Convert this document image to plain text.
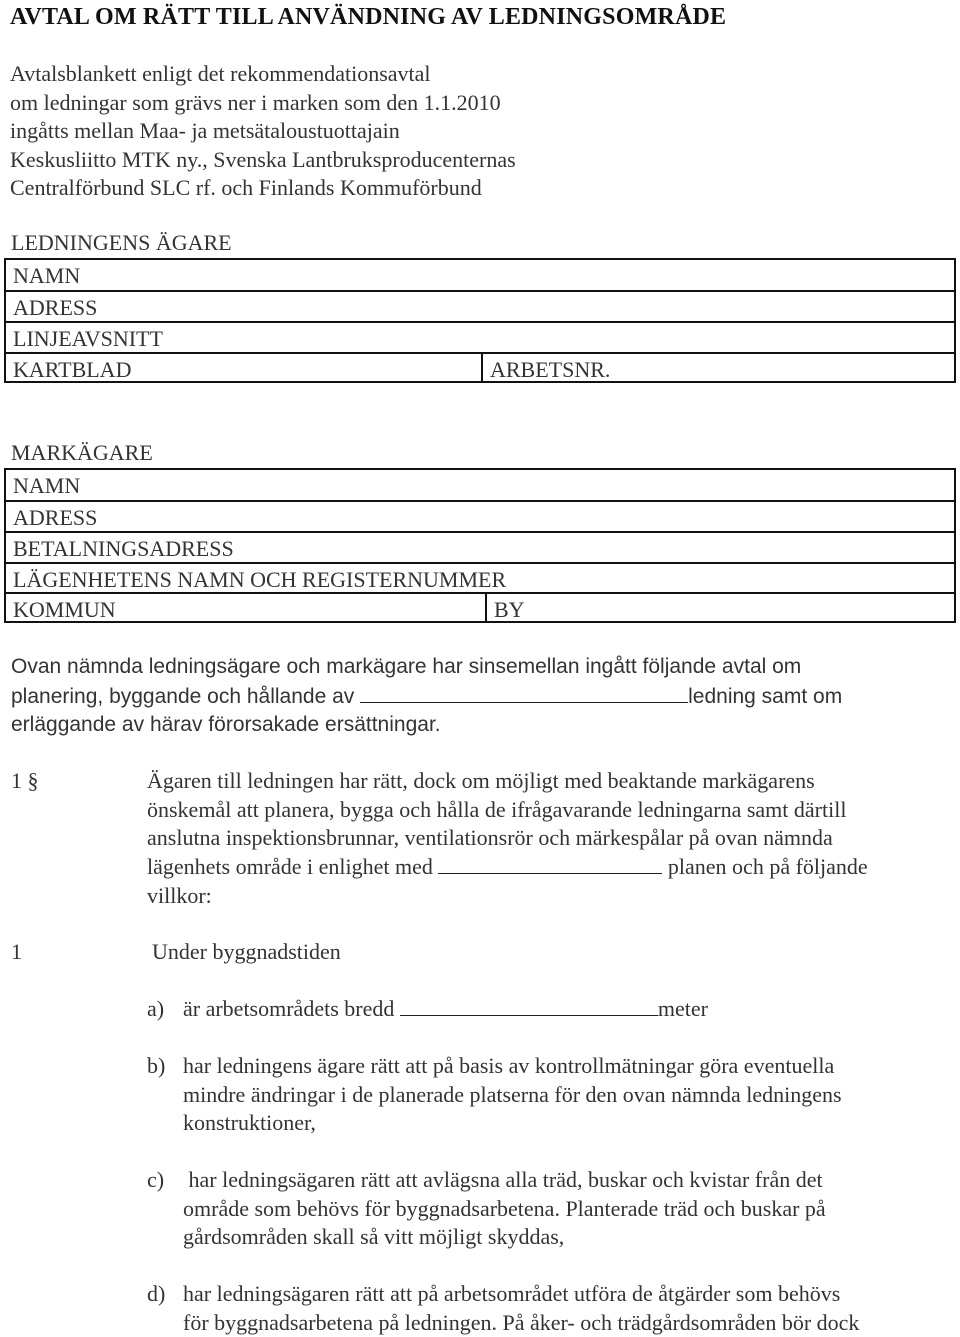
AVTAL OM RÄTT TILL ANVÄNDNING AV LEDNINGSOMRÅDE
Avtalsblankett enligt det rekommendationsavtal
om ledningar som grävs ner i marken som den 1.1.2010
ingåtts mellan Maa- ja metsätaloustuottajain
Keskusliitto MTK ny., Svenska Lantbruksproducenternas
Centralförbund SLC rf. och Finlands Kommuförbund
LEDNINGENS ÄGARE
NAMN
ADRESS
LINJEAVSNITT
KARTBLAD	ARBETSNR.
MARKÄGARE
NAMN
ADRESS
BETALNINGSADRESS
LÄGENHETENS NAMN OCH REGISTERNUMMER
KOMMUN	BY
Ovan nämnda ledningsägare och markägare har sinsemellan ingått följande avtal om
planering, byggande och hållande av	ledning samt om
erläggande av härav förorsakade ersättningar.
1 §	Ägaren till ledningen har rätt, dock om möjligt med beaktande markägarens
önskemål att planera, bygga och hålla de ifrågavarande ledningarna samt därtill
anslutna inspektionsbrunnar, ventilationsrör och märkespålar på ovan nämnda
lägenhets område i enlighet med	planen och på följande
villkor:
1	Under byggnadstiden
a) är arbetsområdets bredd	meter
b) har ledningens ägare rätt att på basis av kontrollmätningar göra eventuella
mindre ändringar i de planerade platserna för den ovan nämnda ledningens
konstruktioner,
c) har ledningsägaren rätt att avlägsna alla träd, buskar och kvistar från det
område som behövs för byggnadsarbetena. Planterade träd och buskar på
gårdsområden skall så vitt möjligt skyddas,
d) har ledningsägaren rätt att på arbetsområdet utföra de åtgärder som behövs
för byggnadsarbetena på ledningen. På åker- och trädgårdsområden bör dock
